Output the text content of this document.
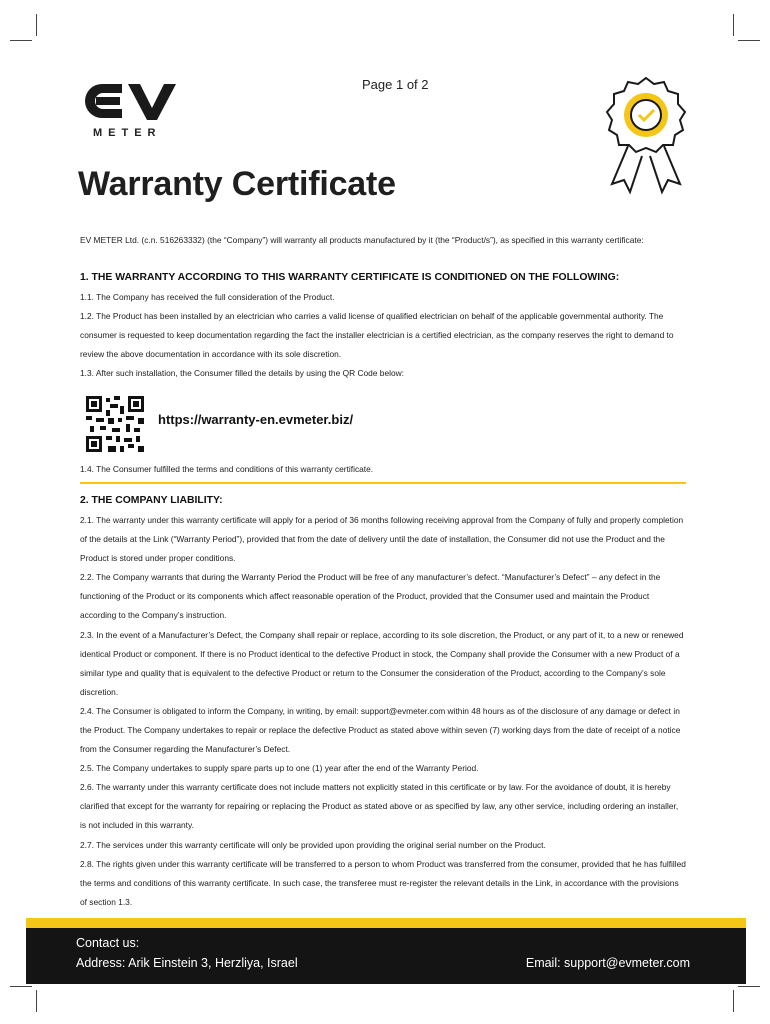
METER
Page 1 of 2
Warranty Certificate
EV METER Ltd. (c.n. 516263332) (the “Company”) will warranty all products manufactured by it (the “Product/s”), as specified in this warranty certificate:
1. THE WARRANTY ACCORDING TO THIS WARRANTY CERTIFICATE IS CONDITIONED ON THE FOLLOWING:
1.1. The Company has received the full consideration of the Product.
1.2. The Product has been installed by an electrician who carries a valid license of qualified electrician on behalf of the applicable governmental authority. The consumer is requested to keep documentation regarding the fact the installer electrician is a certified electrician, as the company reserves the right to demand to review the above documentation in accordance with its sole discretion.
1.3. After such installation, the Consumer filled the details by using the QR Code below:
https://warranty-en.evmeter.biz/
1.4. The Consumer fulfilled the terms and conditions of this warranty certificate.
2. THE COMPANY LIABILITY:
2.1. The warranty under this warranty certificate will apply for a period of 36 months following receiving approval from the Company of fully and properly completion of the details at the Link (“Warranty Period”), provided that from the date of delivery until the date of installation, the Consumer did not use the Product and the Product is stored under proper conditions.
2.2. The Company warrants that during the Warranty Period the Product will be free of any manufacturer’s defect. “Manufacturer’s Defect” – any defect in the functioning of the Product or its components which affect reasonable operation of the Product, provided that the Consumer used and maintain the Product according to the Company’s instruction.
2.3. In the event of a Manufacturer’s Defect, the Company shall repair or replace, according to its sole discretion, the Product, or any part of it, to a new or renewed identical Product or component. If there is no Product identical to the defective Product in stock, the Company shall provide the Consumer with a new Product of a similar type and quality that is equivalent to the defective Product or return to the Consumer the consideration of the Product, according to the Company’s sole discretion.
2.4. The Consumer is obligated to inform the Company, in writing, by email: support@evmeter.com within 48 hours as of the disclosure of any damage or defect in the Product. The Company undertakes to repair or replace the defective Product as stated above within seven (7) working days from the date of receipt of a notice from the Consumer regarding the Manufacturer’s Defect.
2.5. The Company undertakes to supply spare parts up to one (1) year after the end of the Warranty Period.
2.6. The warranty under this warranty certificate does not include matters not explicitly stated in this certificate or by law. For the avoidance of doubt, it is hereby clarified that except for the warranty for repairing or replacing the Product as stated above or as specified by law, any other service, including ordering an installer, is not included in this warranty.
2.7. The services under this warranty certificate will only be provided upon providing the original serial number on the Product.
2.8. The rights given under this warranty certificate will be transferred to a person to whom Product was transferred from the consumer, provided that he has fulfilled the terms and conditions of this warranty certificate. In such case, the transferee must re-register the relevant details in the Link, in accordance with the provisions of section 1.3.
Contact us:
Address: Arik Einstein 3, Herzliya, Israel	Email: support@evmeter.com
